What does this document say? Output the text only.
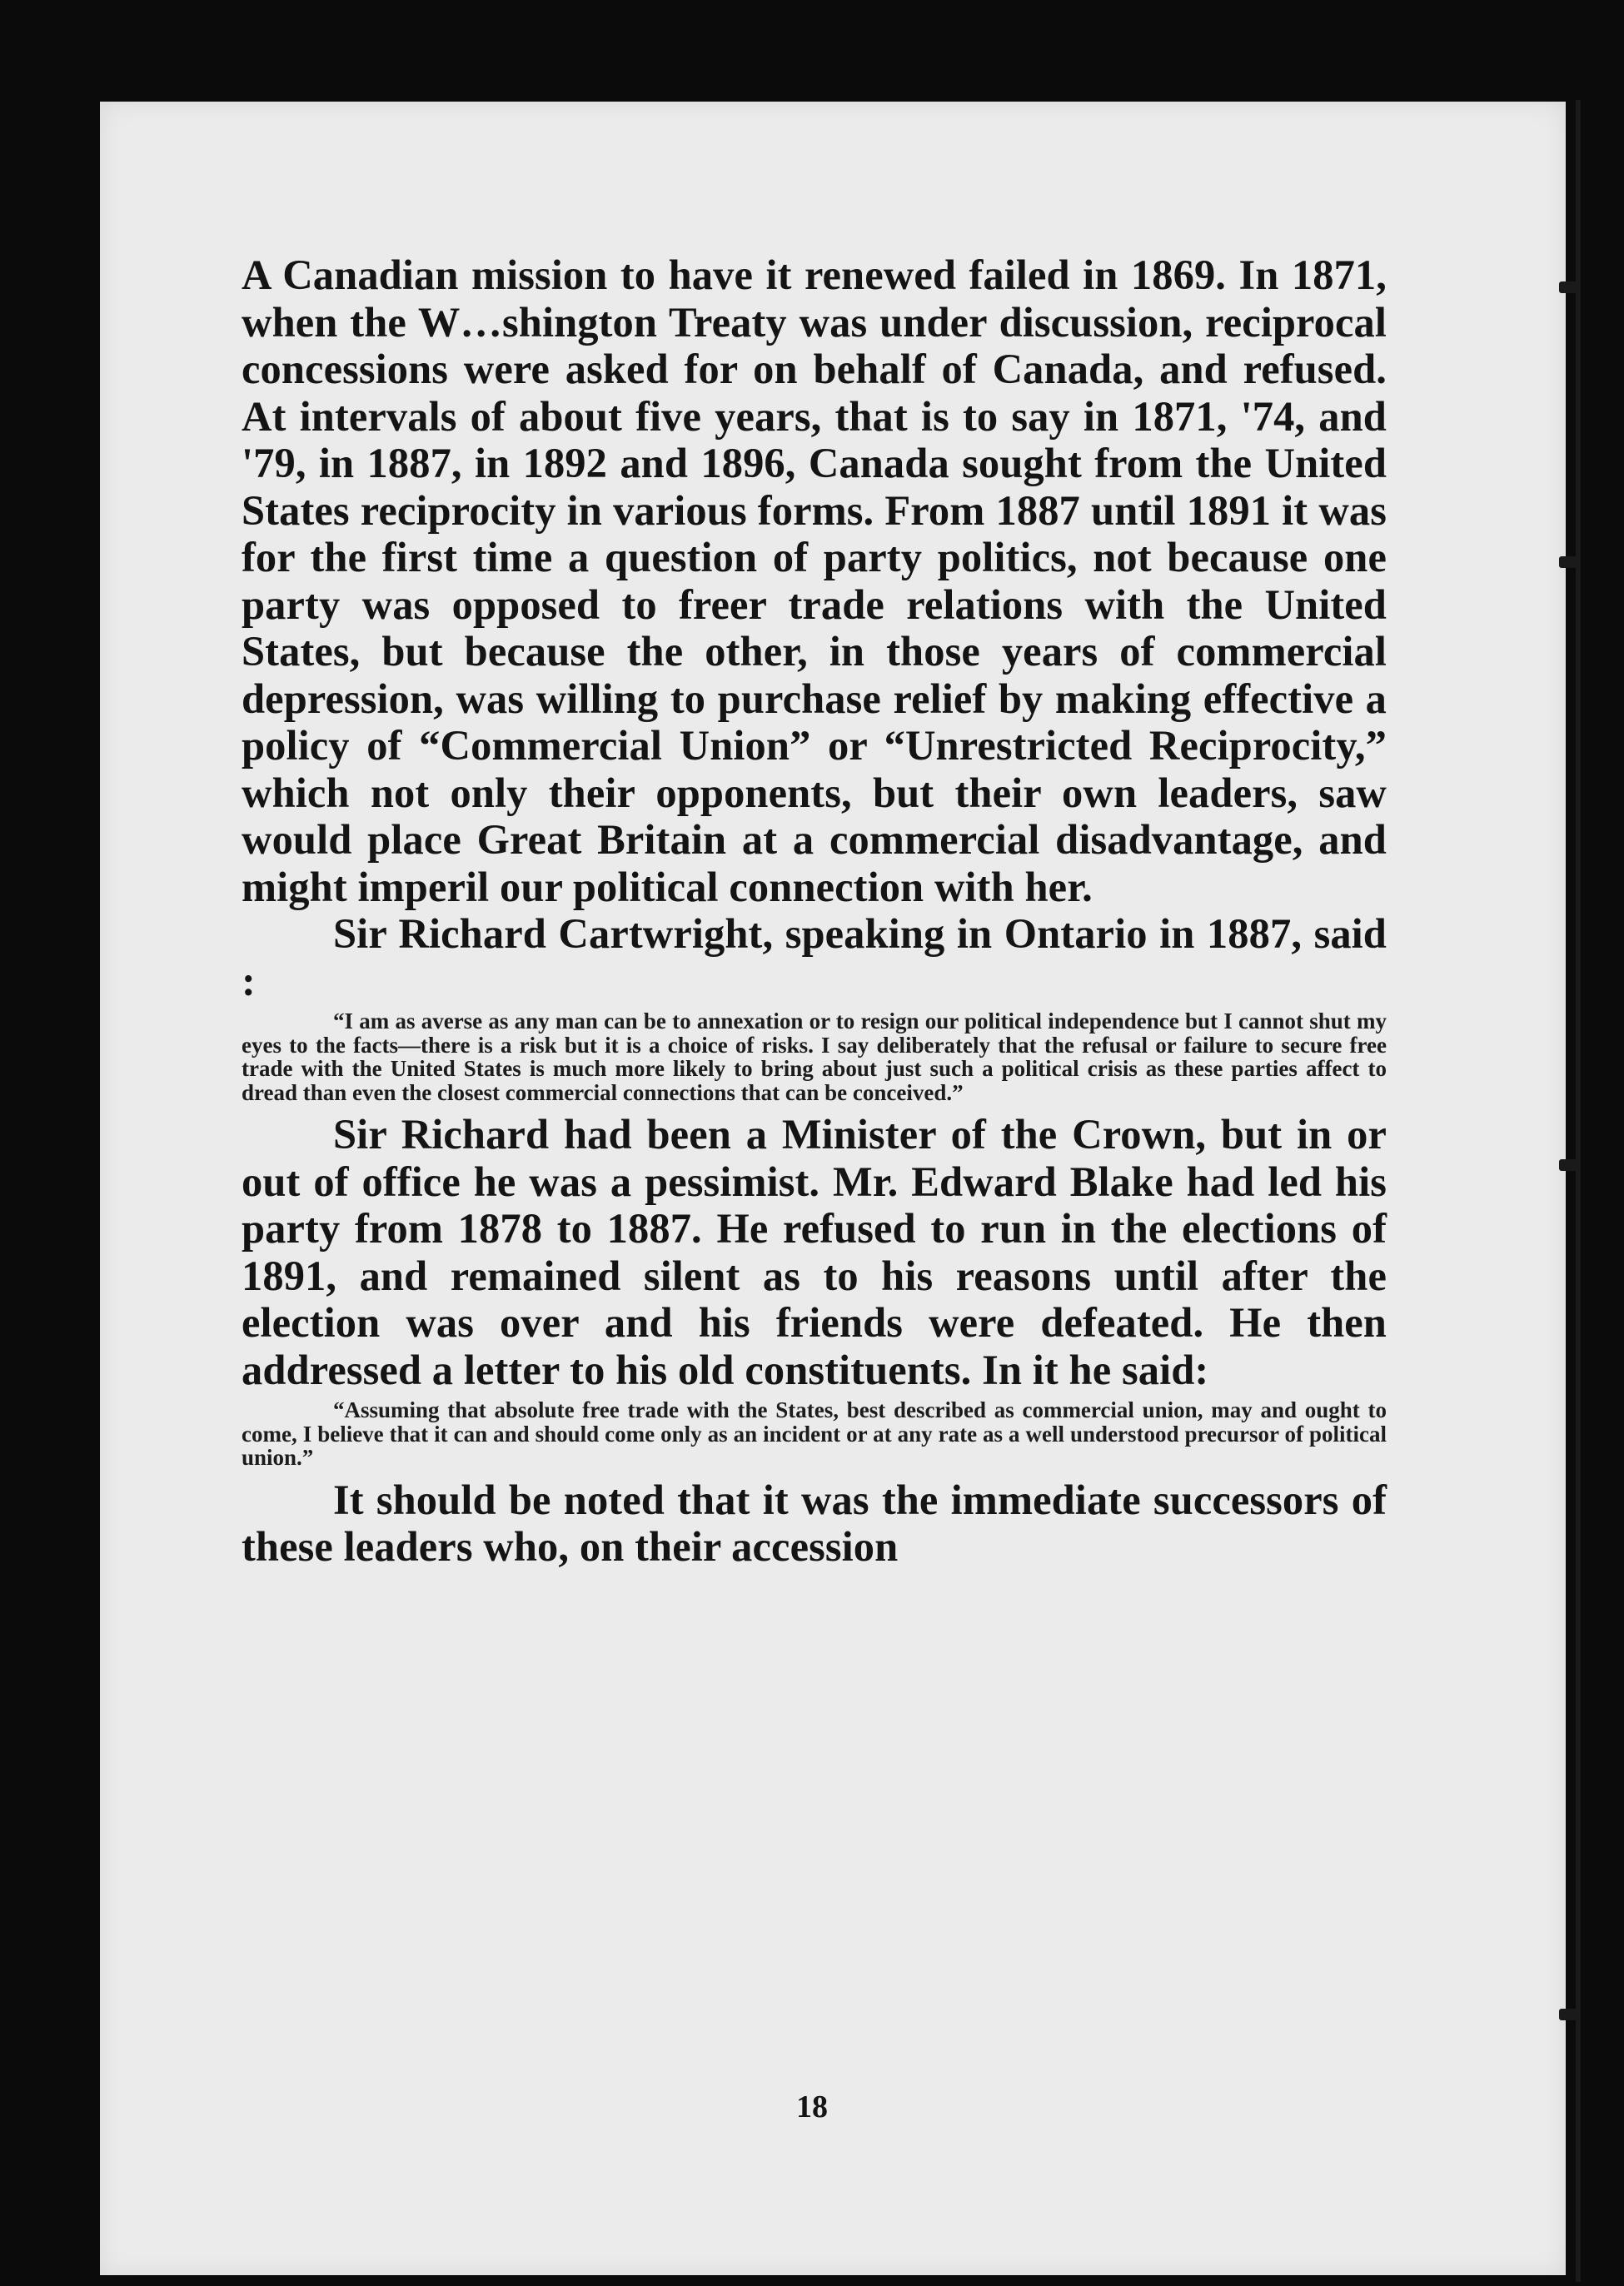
A Canadian mission to have it renewed failed in 1869. In 1871, when the W…shington Treaty was under discussion, reciprocal concessions were asked for on behalf of Canada, and refused. At intervals of about five years, that is to say in 1871, '74, and '79, in 1887, in 1892 and 1896, Canada sought from the United States reciprocity in various forms. From 1887 until 1891 it was for the first time a question of party politics, not because one party was opposed to freer trade relations with the United States, but because the other, in those years of commercial depression, was willing to purchase relief by making effective a policy of “Commercial Union” or “Unrestricted Reciprocity,” which not only their opponents, but their own leaders, saw would place Great Britain at a commercial disadvantage, and might imperil our political connection with her.

Sir Richard Cartwright, speaking in Ontario in 1887, said :

“I am as averse as any man can be to annexation or to resign our political independence but I cannot shut my eyes to the facts—there is a risk but it is a choice of risks. I say deliberately that the refusal or failure to secure free trade with the United States is much more likely to bring about just such a political crisis as these parties affect to dread than even the closest commercial connections that can be conceived.”

Sir Richard had been a Minister of the Crown, but in or out of office he was a pessimist. Mr. Edward Blake had led his party from 1878 to 1887. He refused to run in the elections of 1891, and remained silent as to his reasons until after the election was over and his friends were defeated. He then addressed a letter to his old constituents. In it he said:

“Assuming that absolute free trade with the States, best described as commercial union, may and ought to come, I believe that it can and should come only as an incident or at any rate as a well understood precursor of political union.”

It should be noted that it was the immediate successors of these leaders who, on their accession

18
